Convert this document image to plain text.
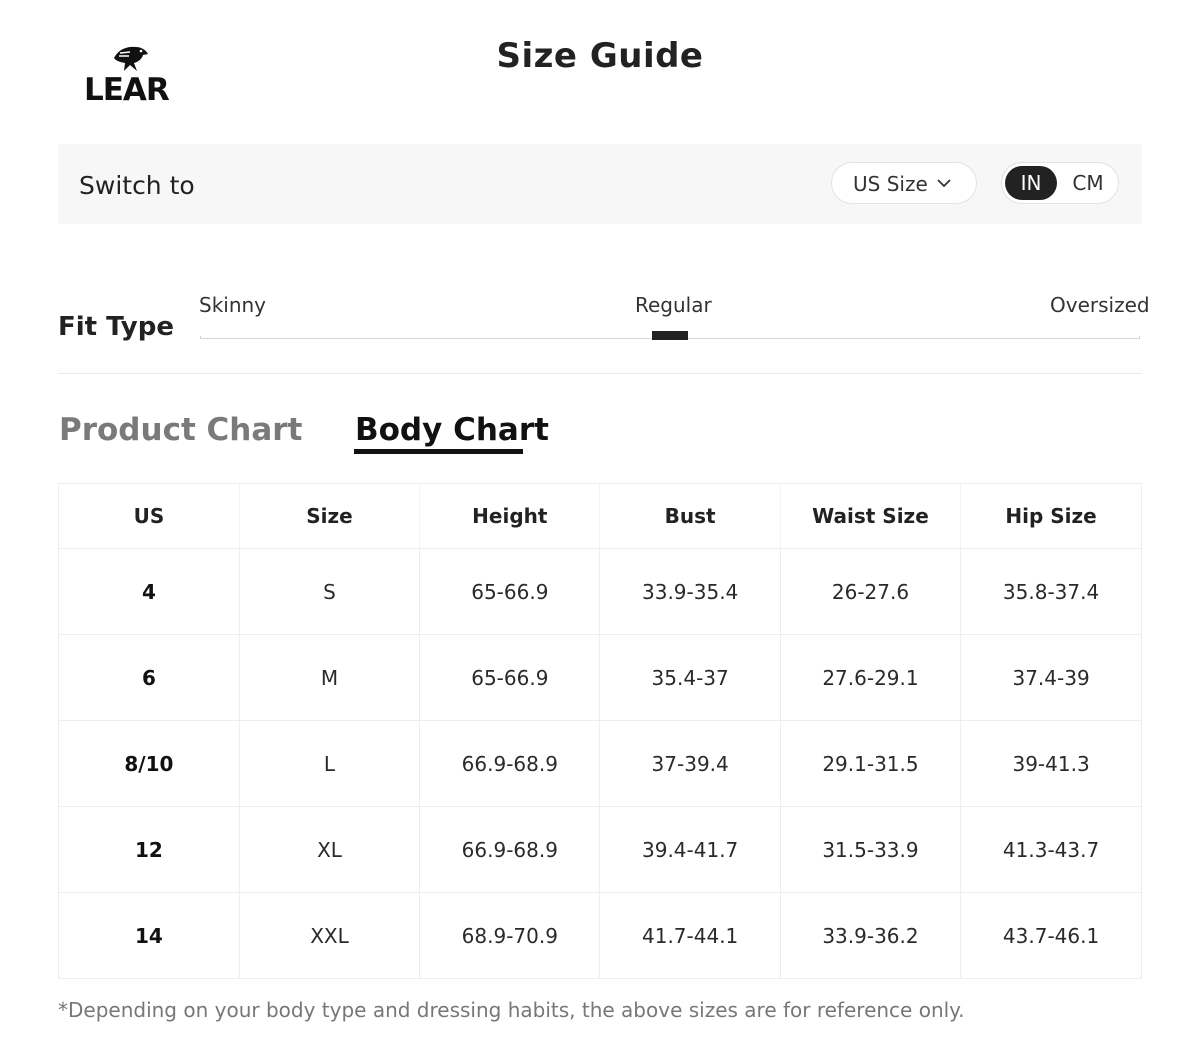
LEAR
Size Guide
Switch to	US Size	IN	CM
Fit Type
Skinny	Regular	Oversized
Product Chart Body Chart
US	Size	Height	Bust	Waist Size	Hip Size
4	S	65-66.9	33.9-35.4	26-27.6	35.8-37.4
6	M	65-66.9	35.4-37	27.6-29.1	37.4-39
8/10	L	66.9-68.9	37-39.4	29.1-31.5	39-41.3
12	XL	66.9-68.9	39.4-41.7	31.5-33.9	41.3-43.7
14	XXL	68.9-70.9	41.7-44.1	33.9-36.2	43.7-46.1
*Depending on your body type and dressing habits, the above sizes are for reference only.
